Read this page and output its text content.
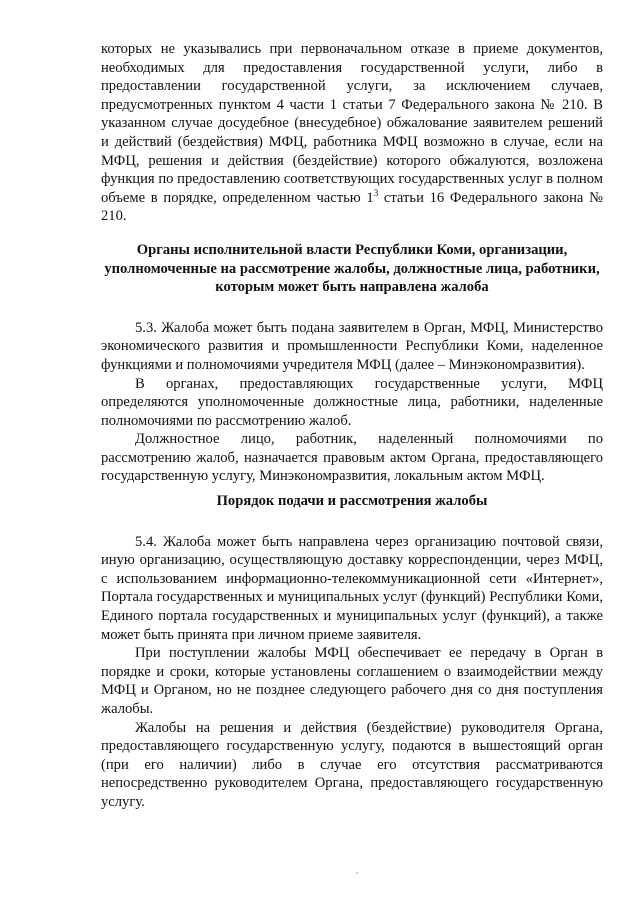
которых не указывались при первоначальном отказе в приеме документов, необходимых для предоставления государственной услуги, либо в предоставлении государственной услуги, за исключением случаев, предусмотренных пунктом 4 части 1 статьи 7 Федерального закона № 210. В указанном случае досудебное (внесудебное) обжалование заявителем решений и действий (бездействия) МФЦ, работника МФЦ возможно в случае, если на МФЦ, решения и действия (бездействие) которого обжалуются, возложена функция по предоставлению соответствующих государственных услуг в полном объеме в порядке, определенном частью $1^3$ статьи 16 Федерального закона № 210.

Органы исполнительной власти Республики Коми, организации, уполномоченные на рассмотрение жалобы, должностные лица, работники, которым может быть направлена жалоба

5.3. Жалоба может быть подана заявителем в Орган, МФЦ, Министерство экономического развития и промышленности Республики Коми, наделенное функциями и полномочиями учредителя МФЦ (далее – Минэкономразвития).

В органах, предоставляющих государственные услуги, МФЦ определяются уполномоченные должностные лица, работники, наделенные полномочиями по рассмотрению жалоб.

Должностное лицо, работник, наделенный полномочиями по рассмотрению жалоб, назначается правовым актом Органа, предоставляющего государственную услугу, Минэкономразвития, локальным актом МФЦ.

Порядок подачи и рассмотрения жалобы

5.4. Жалоба может быть направлена через организацию почтовой связи, иную организацию, осуществляющую доставку корреспонденции, через МФЦ, с использованием информационно-телекоммуникационной сети «Интернет», Портала государственных и муниципальных услуг (функций) Республики Коми, Единого портала государственных и муниципальных услуг (функций), а также может быть принята при личном приеме заявителя.

При поступлении жалобы МФЦ обеспечивает ее передачу в Орган в порядке и сроки, которые установлены соглашением о взаимодействии между МФЦ и Органом, но не позднее следующего рабочего дня со дня поступления жалобы.

Жалобы на решения и действия (бездействие) руководителя Органа, предоставляющего государственную услугу, подаются в вышестоящий орган (при его наличии) либо в случае его отсутствия рассматриваются непосредственно руководителем Органа, предоставляющего государственную услугу.
